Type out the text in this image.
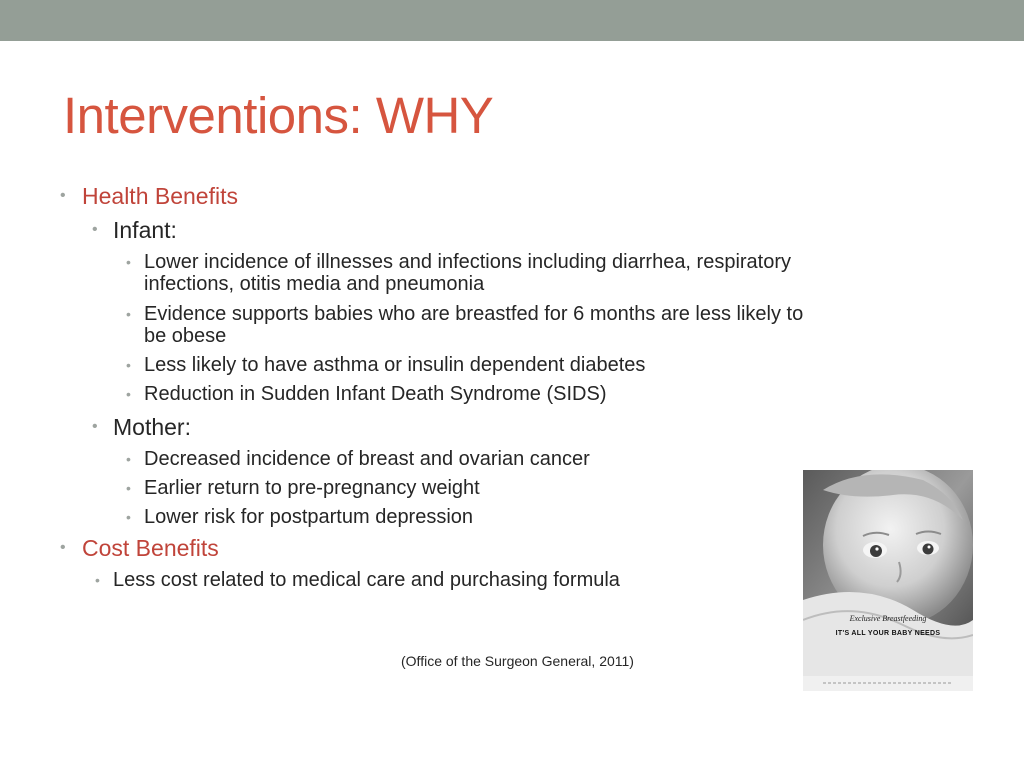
Interventions: WHY
• Health Benefits
• Infant:
• Lower incidence of illnesses and infections including diarrhea, respiratory
infections, otitis media and pneumonia
• Evidence supports babies who are breastfed for 6 months are less likely to
be obese
• Less likely to have asthma or insulin dependent diabetes
• Reduction in Sudden Infant Death Syndrome (SIDS)
• Mother:
• Decreased incidence of breast and ovarian cancer
• Earlier return to pre-pregnancy weight
• Lower risk for postpartum depression
• Cost Benefits
• Less cost related to medical care and purchasing formula
(Office of the Surgeon General, 2011)
Exclusive Breastfeeding
IT'S ALL YOUR BABY NEEDS
